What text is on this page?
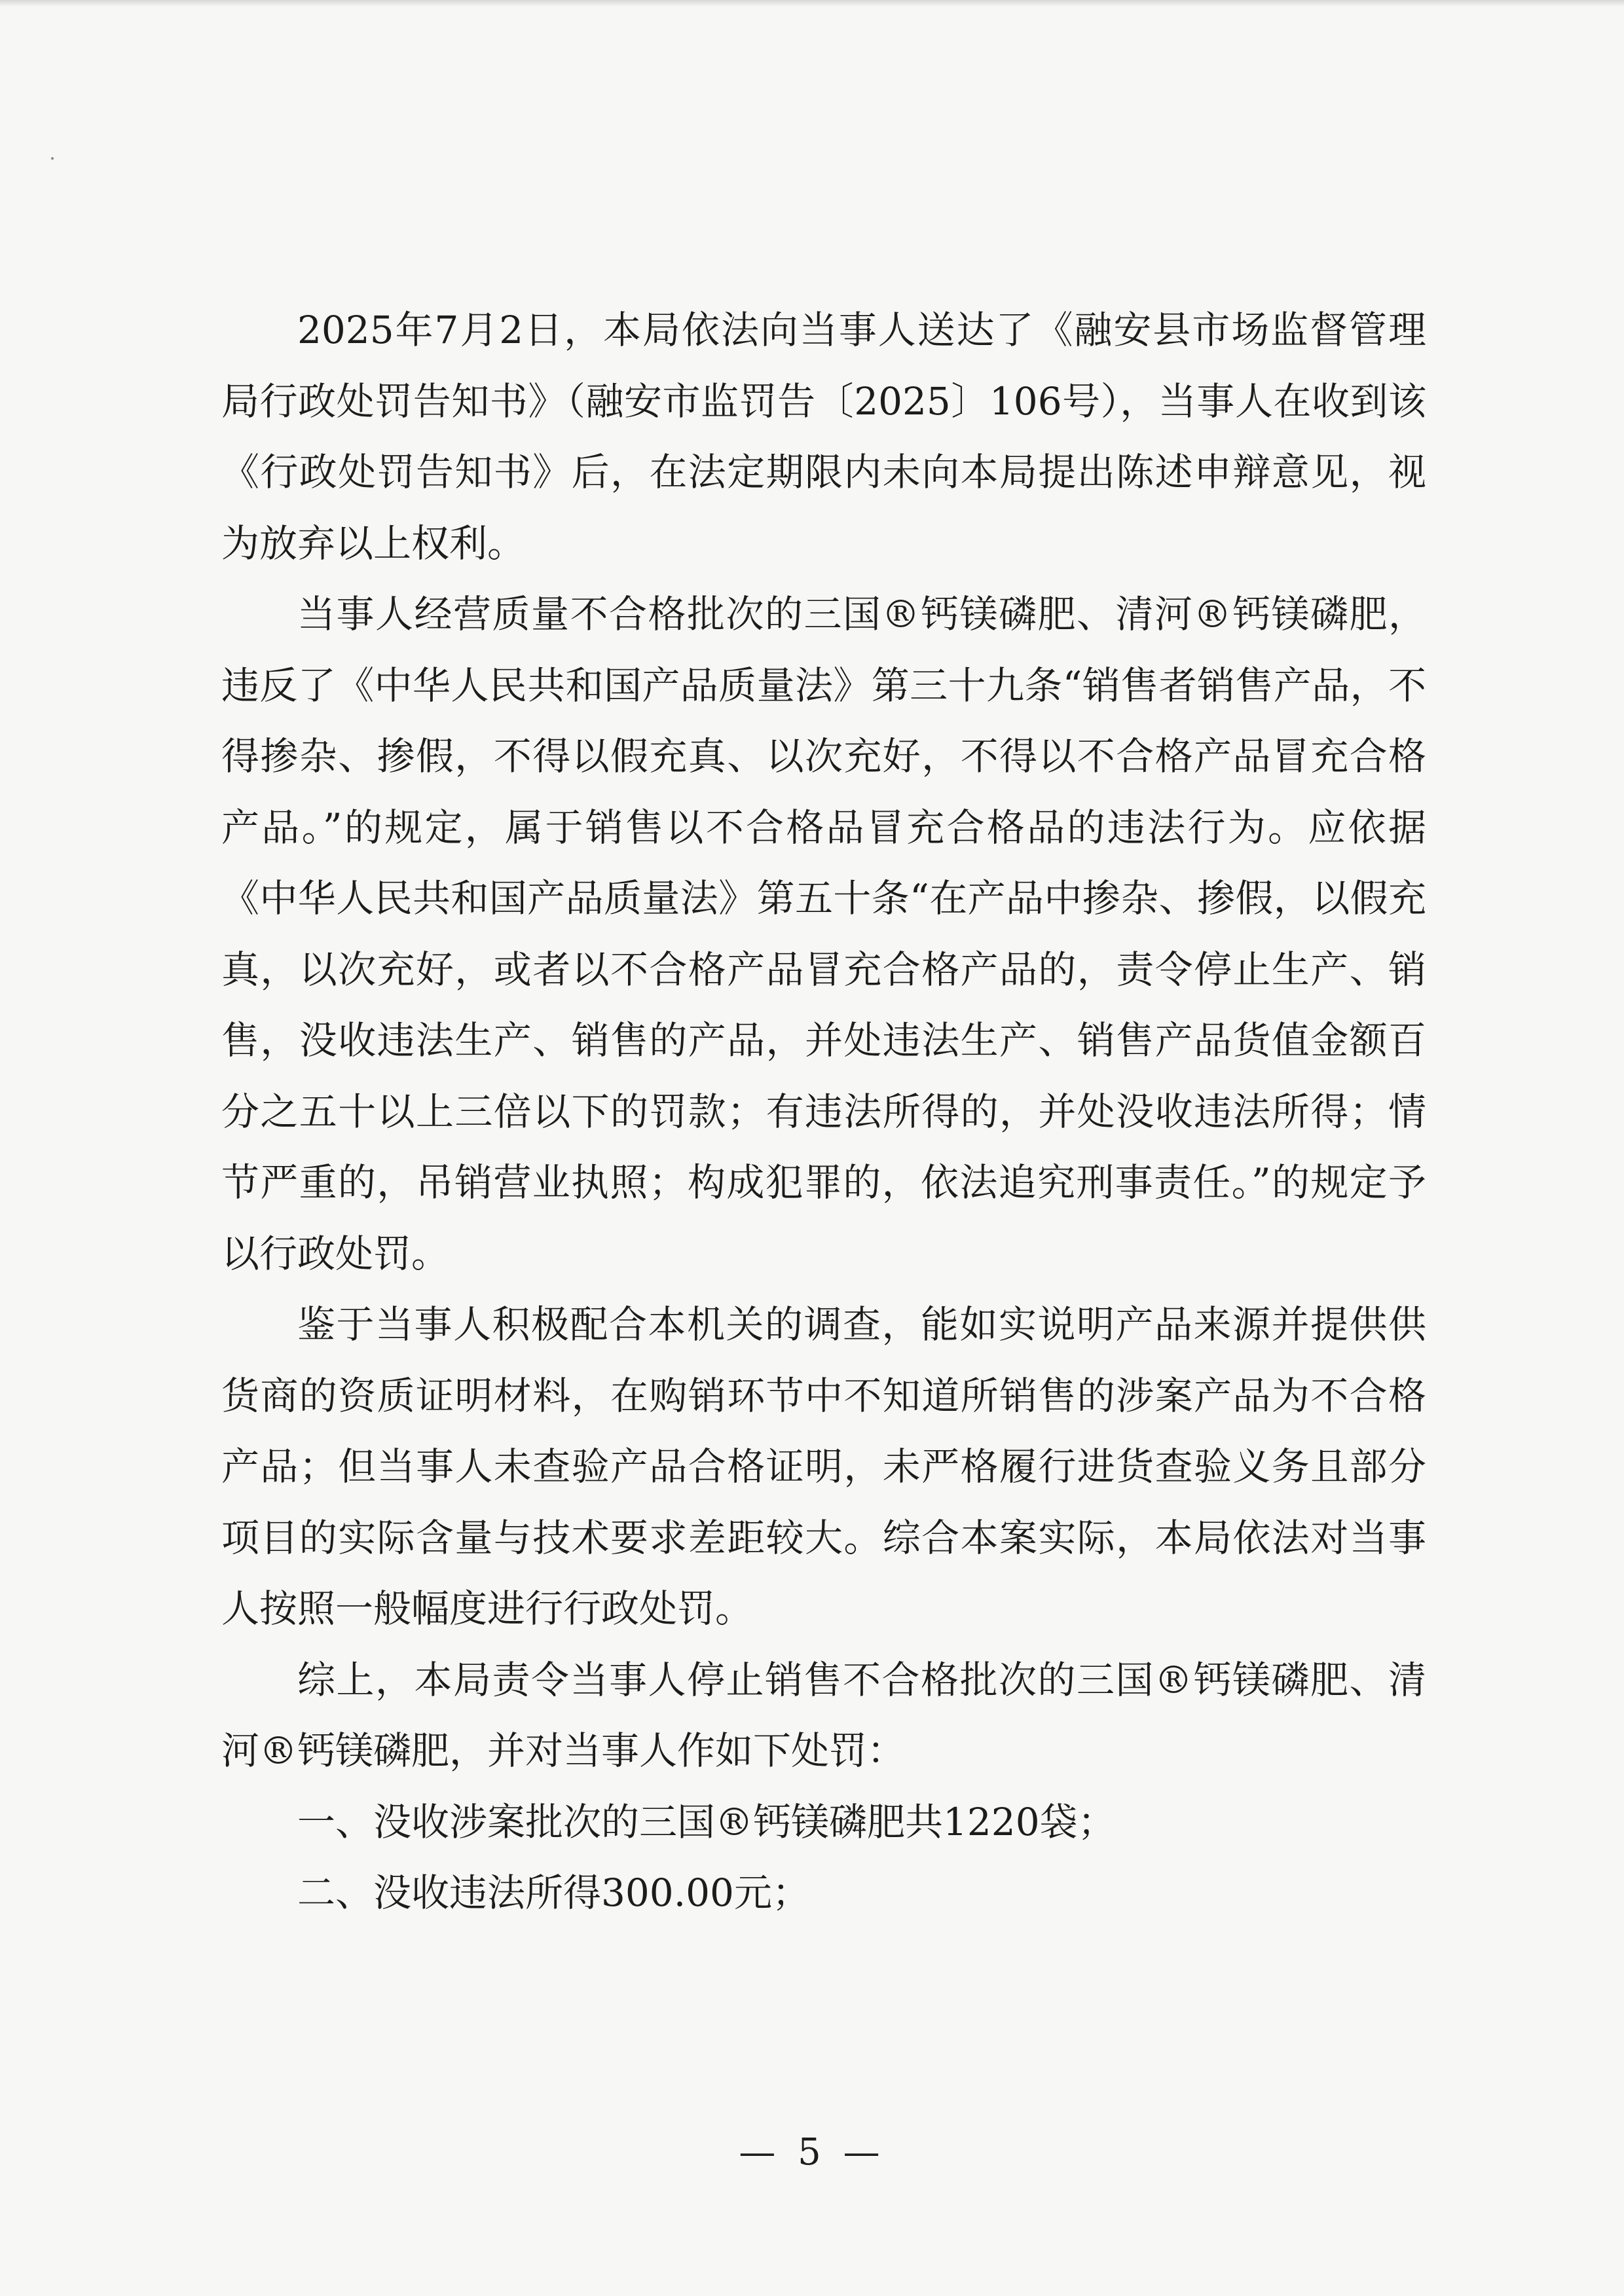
2025年7月2日，本局依法向当事人送达了《融安县市场监督管理局行政处罚告知书》（融安市监罚告〔2025〕106号），当事人在收到该《行政处罚告知书》后，在法定期限内未向本局提出陈述申辩意见，视为放弃以上权利。

当事人经营质量不合格批次的三国®钙镁磷肥、清河®钙镁磷肥，违反了《中华人民共和国产品质量法》第三十九条“销售者销售产品，不得掺杂、掺假，不得以假充真、以次充好，不得以不合格产品冒充合格产品。”的规定，属于销售以不合格品冒充合格品的违法行为。应依据《中华人民共和国产品质量法》第五十条“在产品中掺杂、掺假，以假充真，以次充好，或者以不合格产品冒充合格产品的，责令停止生产、销售，没收违法生产、销售的产品，并处违法生产、销售产品货值金额百分之五十以上三倍以下的罚款；有违法所得的，并处没收违法所得；情节严重的，吊销营业执照；构成犯罪的，依法追究刑事责任。”的规定予以行政处罚。

鉴于当事人积极配合本机关的调查，能如实说明产品来源并提供供货商的资质证明材料，在购销环节中不知道所销售的涉案产品为不合格产品；但当事人未查验产品合格证明，未严格履行进货查验义务且部分项目的实际含量与技术要求差距较大。综合本案实际，本局依法对当事人按照一般幅度进行行政处罚。

综上，本局责令当事人停止销售不合格批次的三国®钙镁磷肥、清河®钙镁磷肥，并对当事人作如下处罚：

一、没收涉案批次的三国®钙镁磷肥共1220袋；

二、没收违法所得300.00元；

— 5 —
